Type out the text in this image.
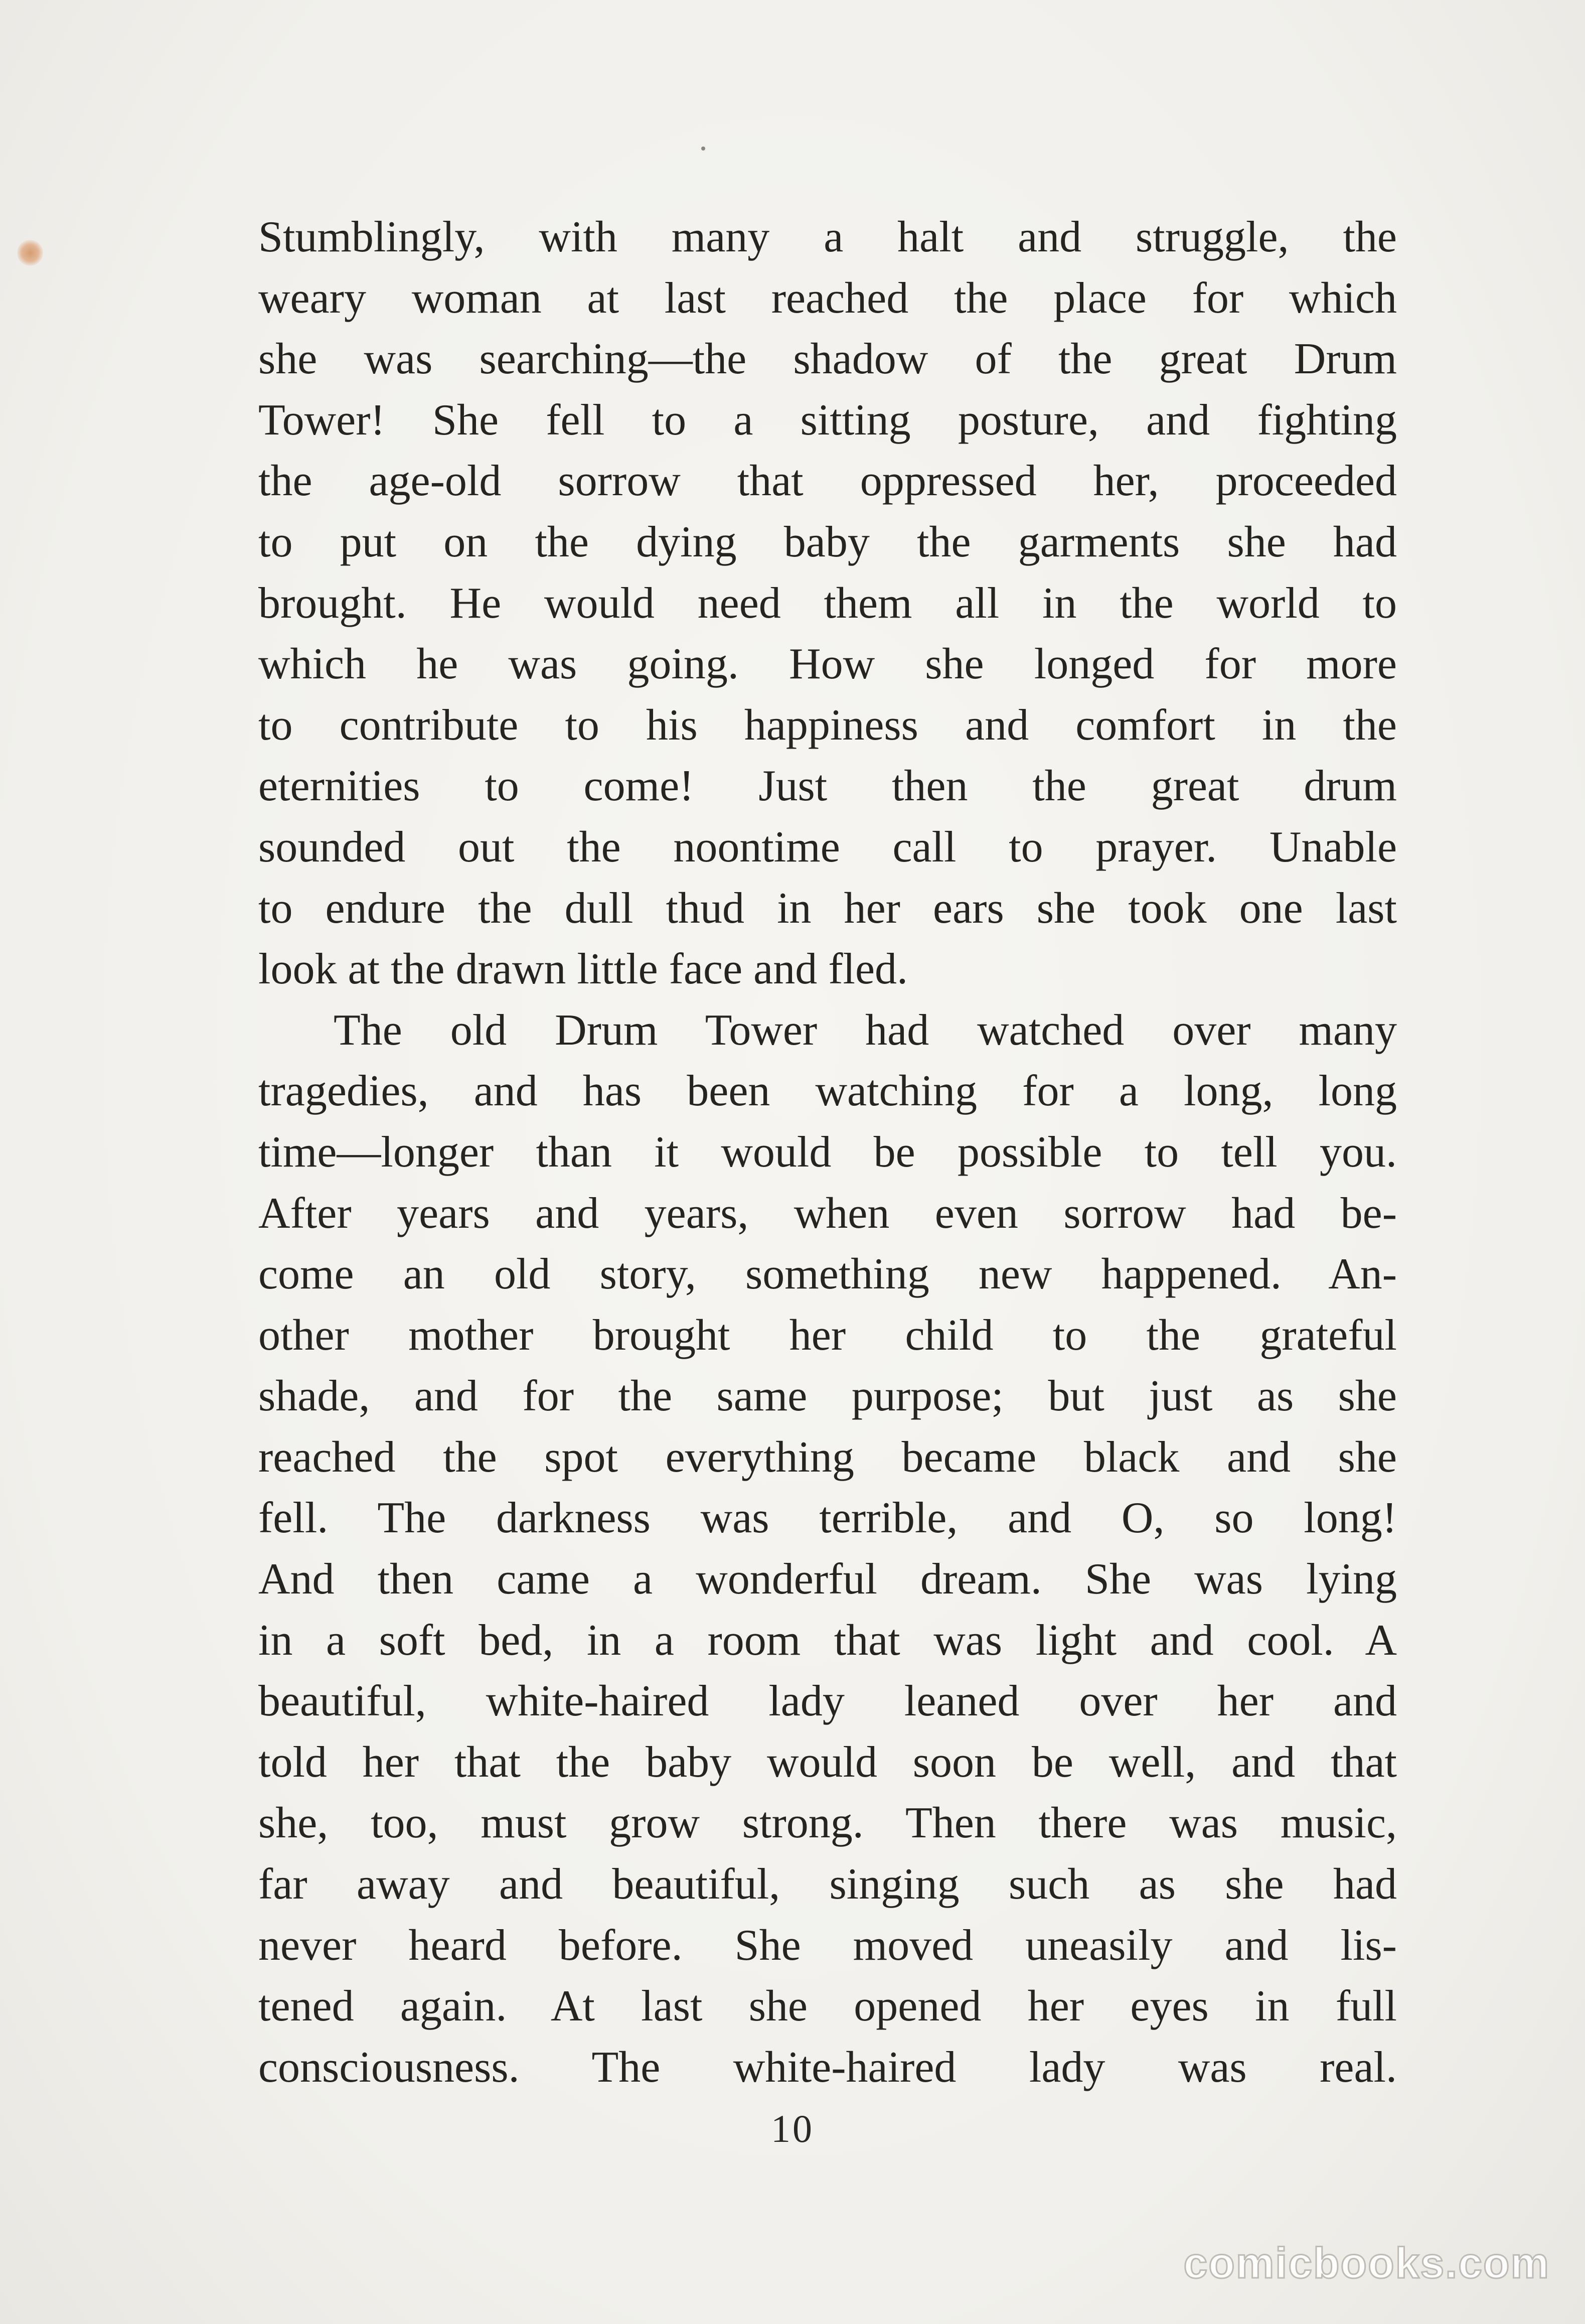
Stumblingly, with many a halt and struggle, the
weary woman at last reached the place for which
she was searching—the shadow of the great Drum
Tower! She fell to a sitting posture, and fighting
the age-old sorrow that oppressed her, proceeded
to put on the dying baby the garments she had
brought. He would need them all in the world to
which he was going. How she longed for more
to contribute to his happiness and comfort in the
eternities to come! Just then the great drum
sounded out the noontime call to prayer. Unable
to endure the dull thud in her ears she took one last
look at the drawn little face and fled.
The old Drum Tower had watched over many
tragedies, and has been watching for a long, long
time—longer than it would be possible to tell you.
After years and years, when even sorrow had be-
come an old story, something new happened. An-
other mother brought her child to the grateful
shade, and for the same purpose; but just as she
reached the spot everything became black and she
fell. The darkness was terrible, and O, so long!
And then came a wonderful dream. She was lying
in a soft bed, in a room that was light and cool. A
beautiful, white-haired lady leaned over her and
told her that the baby would soon be well, and that
she, too, must grow strong. Then there was music,
far away and beautiful, singing such as she had
never heard before. She moved uneasily and lis-
tened again. At last she opened her eyes in full
consciousness. The white-haired lady was real.
10
comicbooks.com
